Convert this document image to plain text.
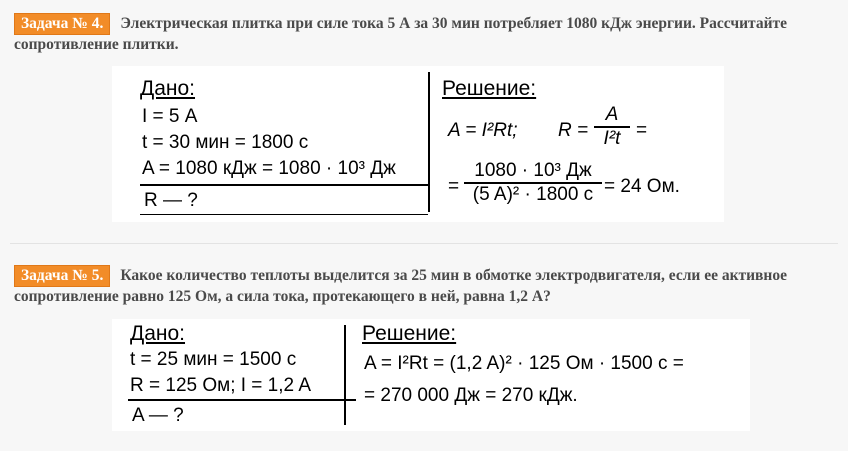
Задача № 4. Электрическая плитка при силе тока 5 А за 30 мин потребляет 1080 кДж энергии. Рассчитайте сопротивление плитки.
Дано:
I = 5 А
t = 30 мин = 1800 с
A = 1080 кДж = 1080 · 10³ Дж
R — ?
Решение:
A = I²Rt; R =
A
I²t =
=
1080 · 10³ Дж
(5 A)² · 1800 с = 24 Ом.
Задача № 5. Какое количество теплоты выделится за 25 мин в обмотке электродвигателя, если ее активное сопротивление равно 125 Ом, а сила тока, протекающего в ней, равна 1,2 А?
Дано:
t = 25 мин = 1500 с
R = 125 Ом; I = 1,2 A
A — ?
Решение:
A = I²Rt = (1,2 A)² · 125 Ом · 1500 с =
= 270 000 Дж = 270 кДж.
